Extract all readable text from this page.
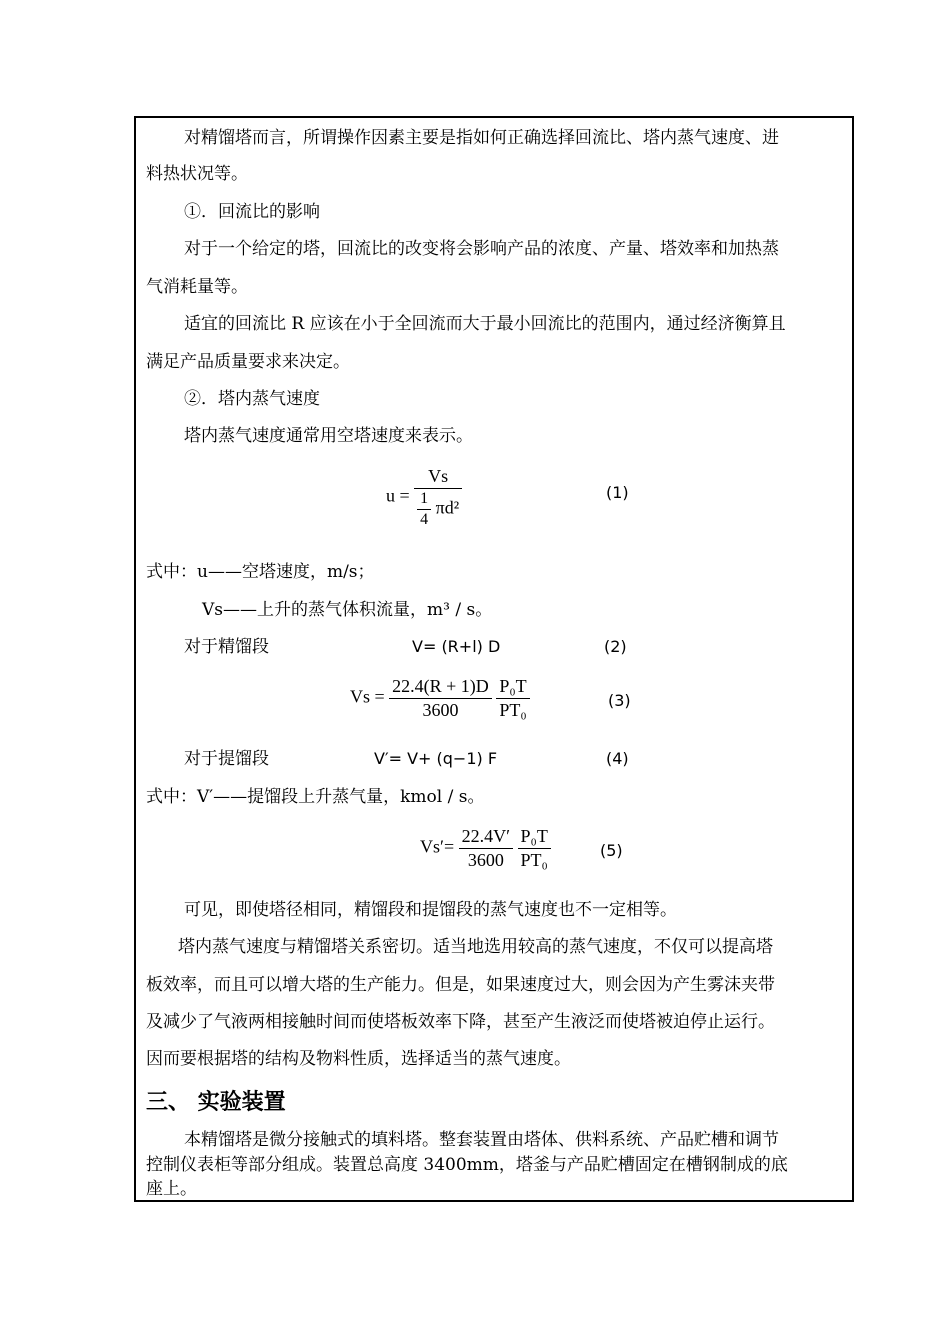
对精馏塔而言，所谓操作因素主要是指如何正确选择回流比、塔内蒸气速度、进
料热状况等。
①．回流比的影响
对于一个给定的塔，回流比的改变将会影响产品的浓度、产量、塔效率和加热蒸
气消耗量等。
适宜的回流比 R 应该在小于全回流而大于最小回流比的范围内，通过经济衡算且
满足产品质量要求来决定。
②．塔内蒸气速度
塔内蒸气速度通常用空塔速度来表示。
$u = \frac{Vs}{\frac{1}{4} \pi d^2}$	(1)
式中：u——空塔速度，m/s；
Vs——上升的蒸气体积流量，m³ / s。
对于精馏段	V= (R+l) D	(2)
$Vs = \frac{22.4(R + 1)D}{3600}$
$\frac{\text{P₀T}}{\text{PT₀}}$	(3)
对于提馏段	V′= V+ (q−1) F	(4)
式中：V′——提馏段上升蒸气量，kmol / s。
$Vs'= \frac{22.4V'}{3600}$
$\frac{\text{P₀T}}{\text{PT₀}}$	(5)
可见，即使塔径相同，精馏段和提馏段的蒸气速度也不一定相等。
塔内蒸气速度与精馏塔关系密切。适当地选用较高的蒸气速度，不仅可以提高塔
板效率，而且可以增大塔的生产能力。但是，如果速度过大，则会因为产生雾沫夹带
及减少了气液两相接触时间而使塔板效率下降，甚至产生液泛而使塔被迫停止运行。
因而要根据塔的结构及物料性质，选择适当的蒸气速度。
三、 实验装置
本精馏塔是微分接触式的填料塔。整套装置由塔体、供料系统、产品贮槽和调节
控制仪表柜等部分组成。装置总高度 3400mm，塔釜与产品贮槽固定在槽钢制成的底
座上。
